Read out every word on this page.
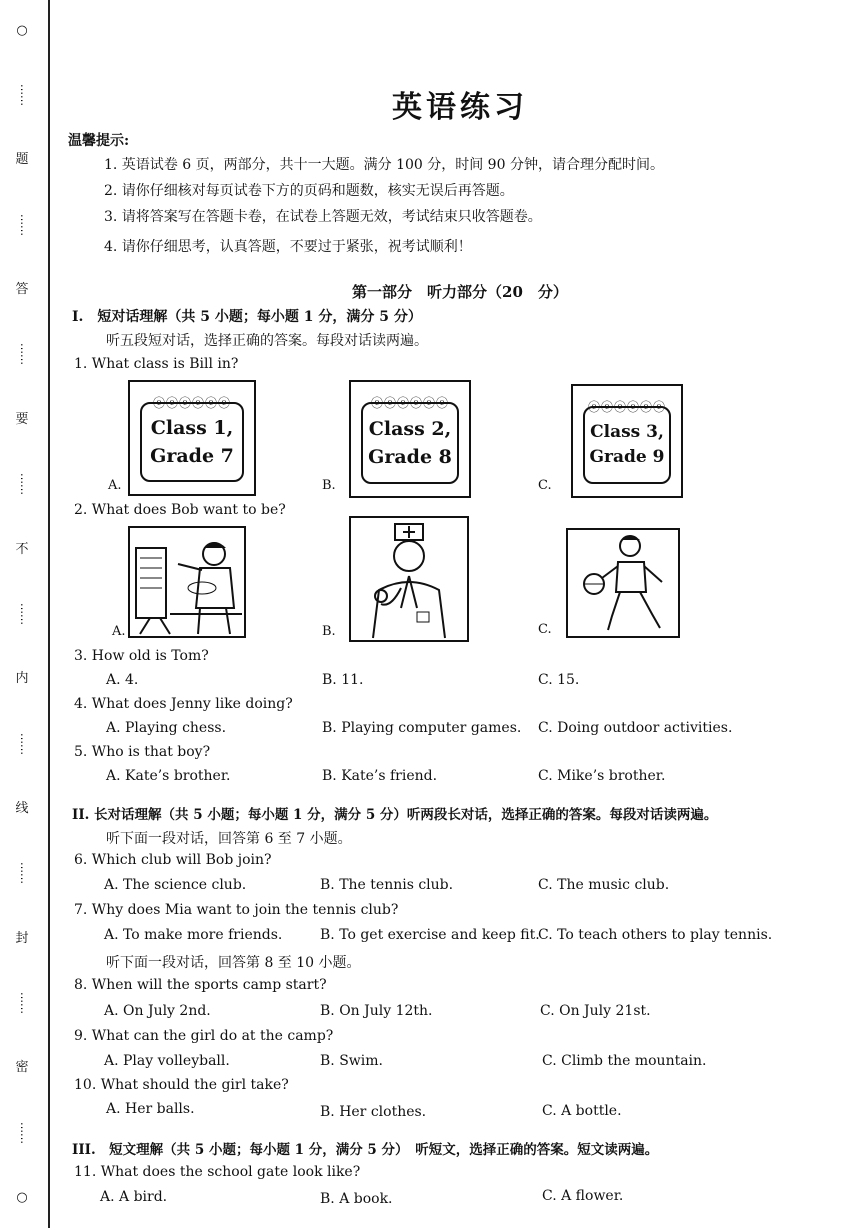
○
⋯⋯
题
⋯⋯
答
⋯⋯
要
⋯⋯
不
⋯⋯
内
⋯⋯
线
⋯⋯
封
⋯⋯
密
⋯⋯
○
英语练习
温馨提示:
1. 英语试卷 6 页，两部分，共十一大题。满分 100 分，时间 90 分钟，请合理分配时间。
2. 请你仔细核对每页试卷下方的页码和题数，核实无误后再答题。
3. 请将答案写在答题卡卷，在试卷上答题无效，考试结束只收答题卷。
4. 请你仔细思考，认真答题，不要过于紧张，祝考试顺利！
第一部分　听力部分（20　分）
I.　短对话理解（共 5 小题；每小题 1 分，满分 5 分）
听五段短对话，选择正确的答案。每段对话读两遍。
1. What class is Bill in?
A.
ⓔⓔⓔⓔⓔⓔ
Class 1,
Grade 7
B.
ⓔⓔⓔⓔⓔⓔ
Class 2,
Grade 8
C.
ⓔⓔⓔⓔⓔⓔ
Class 3,
Grade 9
2. What does Bob want to be?
A.	B.	C.
3. How old is Tom?
A. 4.	B. 11.	C. 15.
4. What does Jenny like doing?
A. Playing chess.	B. Playing computer games. C. Doing outdoor activities.
5. Who is that boy?
A. Kate’s brother.	B. Kate’s friend.	C. Mike’s brother.
II. 长对话理解（共 5 小题；每小题 1 分，满分 5 分）听两段长对话，选择正确的答案。每段对话读两遍。
听下面一段对话，回答第 6 至 7 小题。
6. Which club will Bob join?
A. The science club.	B. The tennis club.	C. The music club.
7. Why does Mia want to join the tennis club?
A. To make more friends.	B. To get exercise and keep fit.
C. To teach others to play tennis.
听下面一段对话，回答第 8 至 10 小题。
8. When will the sports camp start?
A. On July 2nd.	B. On July 12th.	C. On July 21st.
9. What can the girl do at the camp?
A. Play volleyball.	B. Swim.	C. Climb the mountain.
10. What should the girl take?
A. Her balls.	B. Her clothes.	C. A bottle.
III.　短文理解（共 5 小题；每小题 1 分，满分 5 分）　听短文，选择正确的答案。短文读两遍。
11. What does the school gate look like?
A. A bird.	B. A book.	C. A flower.
